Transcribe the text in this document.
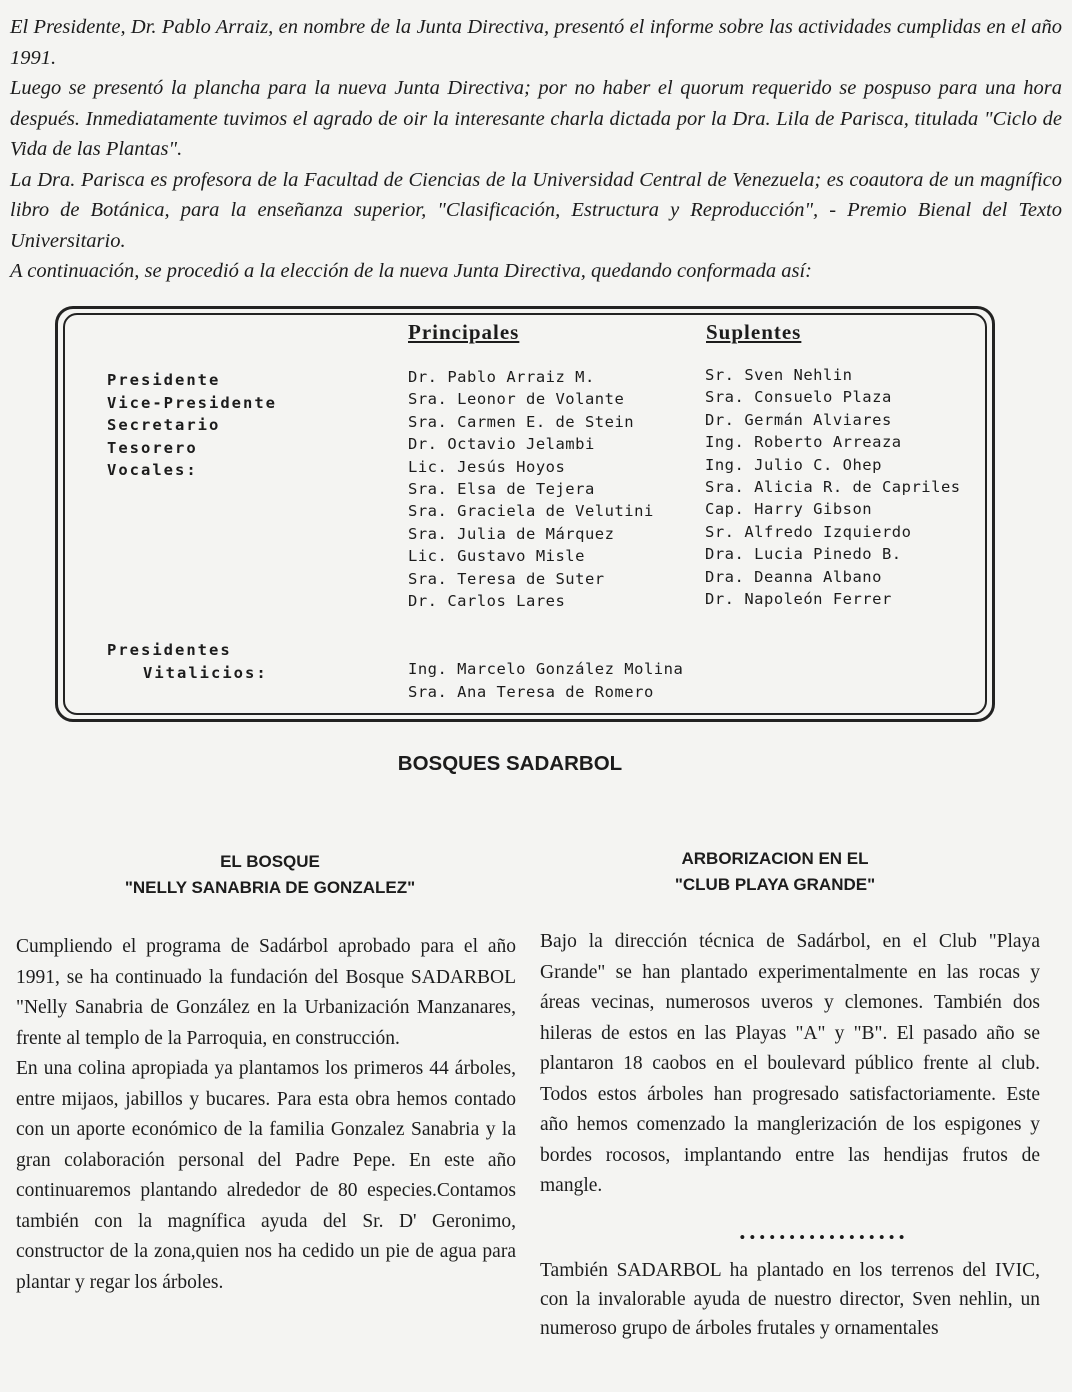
El Presidente, Dr. Pablo Arraiz, en nombre de la Junta Directiva, presentó el informe sobre las actividades cumplidas en el año 1991.

Luego se presentó la plancha para la nueva Junta Directiva; por no haber el quorum requerido se pospuso para una hora después. Inmediatamente tuvimos el agrado de oir la interesante charla dictada por la Dra. Lila de Parisca, titulada "Ciclo de Vida de las Plantas".

La Dra. Parisca es profesora de la Facultad de Ciencias de la Universidad Central de Venezuela; es coautora de un magnífico libro de Botánica, para la enseñanza superior, "Clasificación, Estructura y Reproducción", - Premio Bienal del Texto Universitario.

A continuación, se procedió a la elección de la nueva Junta Directiva, quedando conformada así:

Principales	Suplentes
Presidente
Vice-Presidente
Secretario
Tesorero
Vocales:
Dr. Pablo Arraiz M.
Sra. Leonor de Volante
Sra. Carmen E. de Stein
Dr. Octavio Jelambi
Lic. Jesús Hoyos
Sra. Elsa de Tejera
Sra. Graciela de Velutini
Sra. Julia de Márquez
Lic. Gustavo Misle
Sra. Teresa de Suter
Dr. Carlos Lares
Sr. Sven Nehlin
Sra. Consuelo Plaza
Dr. Germán Alviares
Ing. Roberto Arreaza
Ing. Julio C. Ohep
Sra. Alicia R. de Capriles
Cap. Harry Gibson
Sr. Alfredo Izquierdo
Dra. Lucia Pinedo B.
Dra. Deanna Albano
Dr. Napoleón Ferrer
Presidentes
Vitalicios:	Ing. Marcelo González Molina
Sra. Ana Teresa de Romero
BOSQUES SADARBOL
EL BOSQUE
"NELLY SANABRIA DE GONZALEZ"
ARBORIZACION EN EL
"CLUB PLAYA GRANDE"

Cumpliendo el programa de Sadárbol aprobado para el año 1991, se ha continuado la fundación del Bosque SADARBOL "Nelly Sanabria de González en la Urbanización Manzanares, frente al templo de la Parroquia, en construcción.

En una colina apropiada ya plantamos los primeros 44 árboles, entre mijaos, jabillos y bucares. Para esta obra hemos contado con un aporte económico de la familia Gonzalez Sanabria y la gran colaboración personal del Padre Pepe. En este año continuaremos plantando alrededor de 80 especies.Contamos también con la magnífica ayuda del Sr. D' Geronimo, constructor de la zona,quien nos ha cedido un pie de agua para plantar y regar los árboles.

Bajo la dirección técnica de Sadárbol, en el Club "Playa Grande" se han plantado experimentalmente en las rocas y áreas vecinas, numerosos uveros y clemones. También dos hileras de estos en las Playas "A" y "B". El pasado año se plantaron 18 caobos en el boulevard público frente al club. Todos estos árboles han progresado satisfactoriamente. Este año hemos comenzado la manglerización de los espigones y bordes rocosos, implantando entre las hendijas frutos de mangle.

•••••••••••••••••

También SADARBOL ha plantado en los terrenos del IVIC, con la invalorable ayuda de nuestro director, Sven nehlin, un numeroso grupo de árboles frutales y ornamentales
